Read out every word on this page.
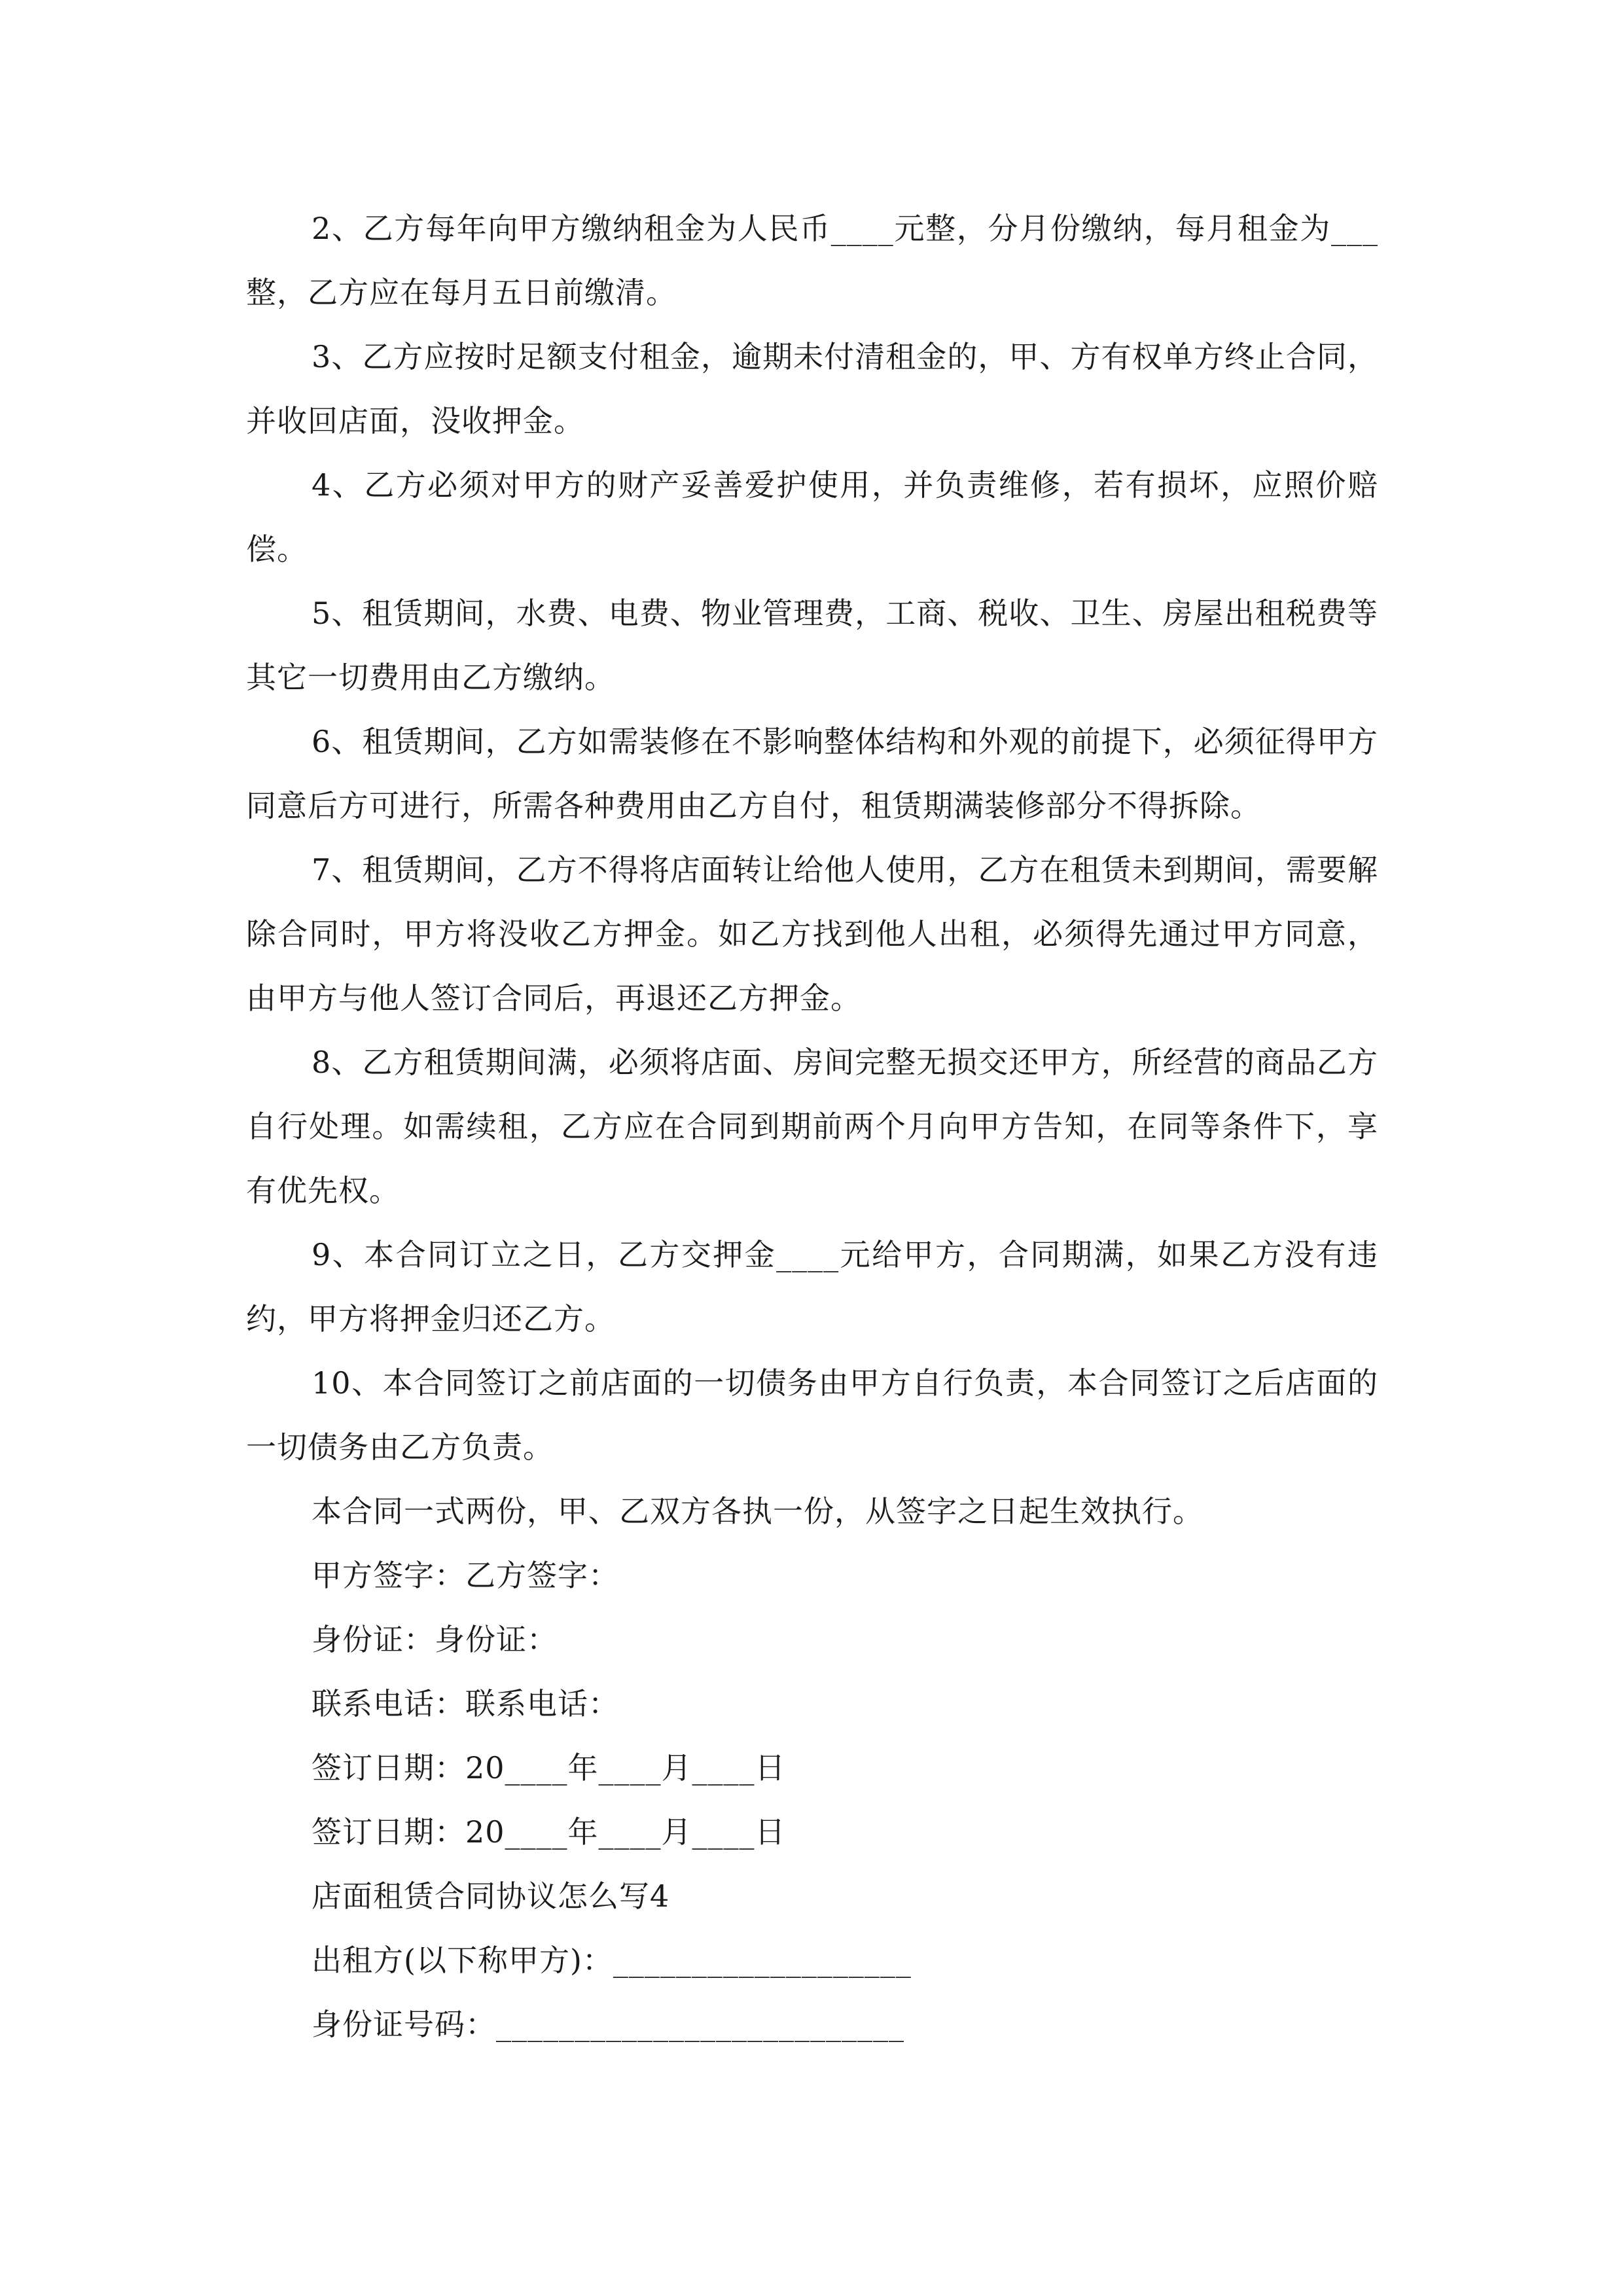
2、乙方每年向甲方缴纳租金为人民币____元整，分月份缴纳，每月租金为___整，乙方应在每月五日前缴清。

3、乙方应按时足额支付租金，逾期未付清租金的，甲、方有权单方终止合同，并收回店面，没收押金。

4、乙方必须对甲方的财产妥善爱护使用，并负责维修，若有损坏，应照价赔偿。

5、租赁期间，水费、电费、物业管理费，工商、税收、卫生、房屋出租税费等其它一切费用由乙方缴纳。

6、租赁期间，乙方如需装修在不影响整体结构和外观的前提下，必须征得甲方同意后方可进行，所需各种费用由乙方自付，租赁期满装修部分不得拆除。

7、租赁期间，乙方不得将店面转让给他人使用，乙方在租赁未到期间，需要解除合同时，甲方将没收乙方押金。如乙方找到他人出租，必须得先通过甲方同意，由甲方与他人签订合同后，再退还乙方押金。

8、乙方租赁期间满，必须将店面、房间完整无损交还甲方，所经营的商品乙方自行处理。如需续租，乙方应在合同到期前两个月向甲方告知，在同等条件下，享有优先权。

9、本合同订立之日，乙方交押金____元给甲方，合同期满，如果乙方没有违约，甲方将押金归还乙方。

10、本合同签订之前店面的一切债务由甲方自行负责，本合同签订之后店面的一切债务由乙方负责。

本合同一式两份，甲、乙双方各执一份，从签字之日起生效执行。

甲方签字：乙方签字：

身份证：身份证：

联系电话：联系电话：

签订日期：20____年____月____日

签订日期：20____年____月____日

店面租赁合同协议怎么写4

出租方(以下称甲方)：___________________

身份证号码：__________________________
